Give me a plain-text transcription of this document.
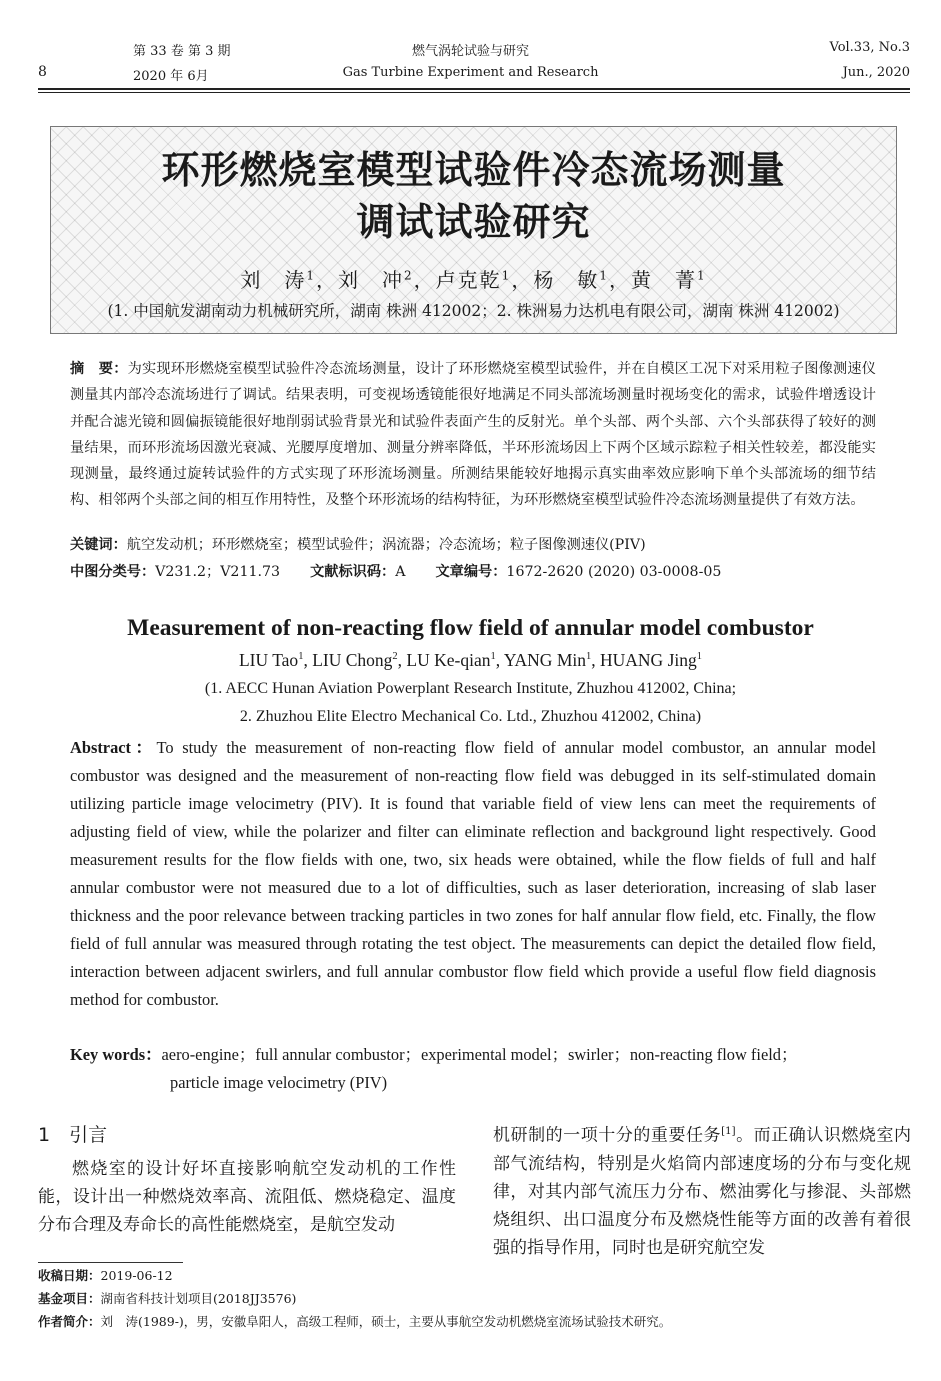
8
第 33 卷 第 3 期
2020 年 6月
燃气涡轮试验与研究
Gas Turbine Experiment and Research
Vol.33, No.3
Jun., 2020
环形燃烧室模型试验件冷态流场测量
调试试验研究
刘　涛$^1$，刘　冲$^2$，卢克乾$^1$，杨　敏$^1$，黄　菁$^1$
(1. 中国航发湖南动力机械研究所，湖南 株洲 412002；2. 株洲易力达机电有限公司，湖南 株洲 412002)
摘　要：为实现环形燃烧室模型试验件冷态流场测量，设计了环形燃烧室模型试验件，并在自模区工况下对采用粒子图像测速仪测量其内部冷态流场进行了调试。结果表明，可变视场透镜能很好地满足不同头部流场测量时视场变化的需求，试验件增透设计并配合滤光镜和圆偏振镜能很好地削弱试验背景光和试验件表面产生的反射光。单个头部、两个头部、六个头部获得了较好的测量结果，而环形流场因激光衰减、光腰厚度增加、测量分辨率降低，半环形流场因上下两个区域示踪粒子相关性较差，都没能实现测量，最终通过旋转试验件的方式实现了环形流场测量。所测结果能较好地揭示真实曲率效应影响下单个头部流场的细节结构、相邻两个头部之间的相互作用特性，及整个环形流场的结构特征，为环形燃烧室模型试验件冷态流场测量提供了有效方法。
关键词：航空发动机；环形燃烧室；模型试验件；涡流器；冷态流场；粒子图像测速仪(PIV)
中图分类号：V231.2；V211.73 文献标识码：A 文章编号：1672-2620 (2020) 03-0008-05
Measurement of non-reacting flow field of annular model combustor
LIU Tao$^1$, LIU Chong$^2$, LU Ke-qian$^1$, YANG Min$^1$, HUANG Jing$^1$
(1. AECC Hunan Aviation Powerplant Research Institute, Zhuzhou 412002, China;
2. Zhuzhou Elite Electro Mechanical Co. Ltd., Zhuzhou 412002, China)
Abstract：To study the measurement of non-reacting flow field of annular model combustor, an annular model combustor was designed and the measurement of non-reacting flow field was debugged in its self-stimulated domain utilizing particle image velocimetry (PIV). It is found that variable field of view lens can meet the requirements of adjusting field of view, while the polarizer and filter can eliminate reflection and background light respectively. Good measurement results for the flow fields with one, two, six heads were obtained, while the flow fields of full and half annular combustor were not measured due to a lot of difficulties, such as laser deterioration, increasing of slab laser thickness and the poor relevance between tracking particles in two zones for half annular flow field, etc. Finally, the flow field of full annular was measured through rotating the test object. The measurements can depict the detailed flow field, interaction between adjacent swirlers, and full annular combustor flow field which provide a useful flow field diagnosis method for combustor.
Key words：aero-engine；full annular combustor；experimental model；swirler；non-reacting flow field；
particle image velocimetry (PIV)
1　引言
燃烧室的设计好坏直接影响航空发动机的工作性能，设计出一种燃烧效率高、流阻低、燃烧稳定、温度分布合理及寿命长的高性能燃烧室，是航空发动
机研制的一项十分的重要任务[1]。而正确认识燃烧室内部气流结构，特别是火焰筒内部速度场的分布与变化规律，对其内部气流压力分布、燃油雾化与掺混、头部燃烧组织、出口温度分布及燃烧性能等方面的改善有着很强的指导作用，同时也是研究航空发
收稿日期：2019-06-12
基金项目：湖南省科技计划项目(2018JJ3576)
作者简介：刘　涛(1989-)，男，安徽阜阳人，高级工程师，硕士，主要从事航空发动机燃烧室流场试验技术研究。
